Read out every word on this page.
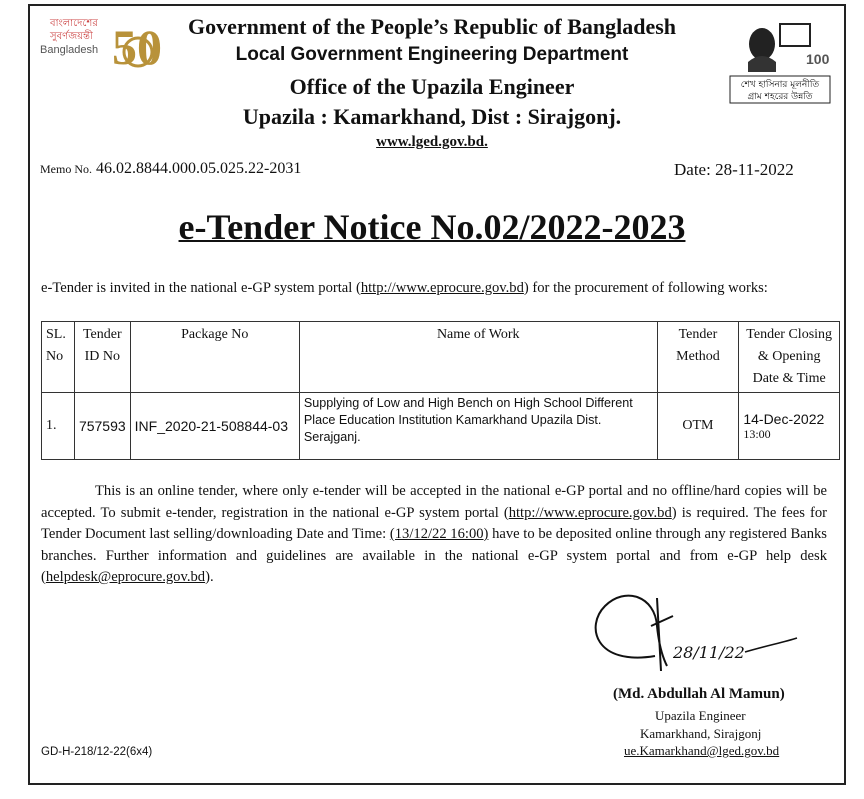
বাংলাদেশের
সুবর্ণজয়ন্তী
Bangladesh 50	100
শেখ হাসিনার মূলনীতি
গ্রাম শহরের উন্নতি
Government of the People’s Republic of Bangladesh
Local Government Engineering Department
Office of the Upazila Engineer
Upazila : Kamarkhand, Dist : Sirajgonj.
www.lged.gov.bd.
Memo No. 46.02.8844.000.05.025.22-2031	Date: 28-11-2022
e-Tender Notice No.02/2022-2023
e-Tender is invited in the national e-GP system portal (http://www.eprocure.gov.bd) for the procurement of following works:
SL. No	Tender ID No	Package No	Name of Work	Tender Method	Tender Closing & Opening Date & Time
1.	757593	INF_2020-21-508844-03	Supplying of Low and High Bench on High School Different Place Education Institution Kamarkhand Upazila Dist. Serajganj.	OTM	14-Dec-2022
13:00
This is an online tender, where only e-tender will be accepted in the national e-GP portal and no offline/hard copies will be accepted. To submit e-tender, registration in the national e-GP system portal (http://www.eprocure.gov.bd) is required. The fees for Tender Document last selling/downloading Date and Time: (13/12/22 16:00) have to be deposited online through any registered Banks branches. Further information and guidelines are available in the national e-GP system portal and from e-GP help desk (helpdesk@eprocure.gov.bd).
28/11/22
(Md. Abdullah Al Mamun)
Upazila Engineer
Kamarkhand, Sirajgonj
ue.Kamarkhand@lged.gov.bd
GD-H-218/12-22(6x4)
